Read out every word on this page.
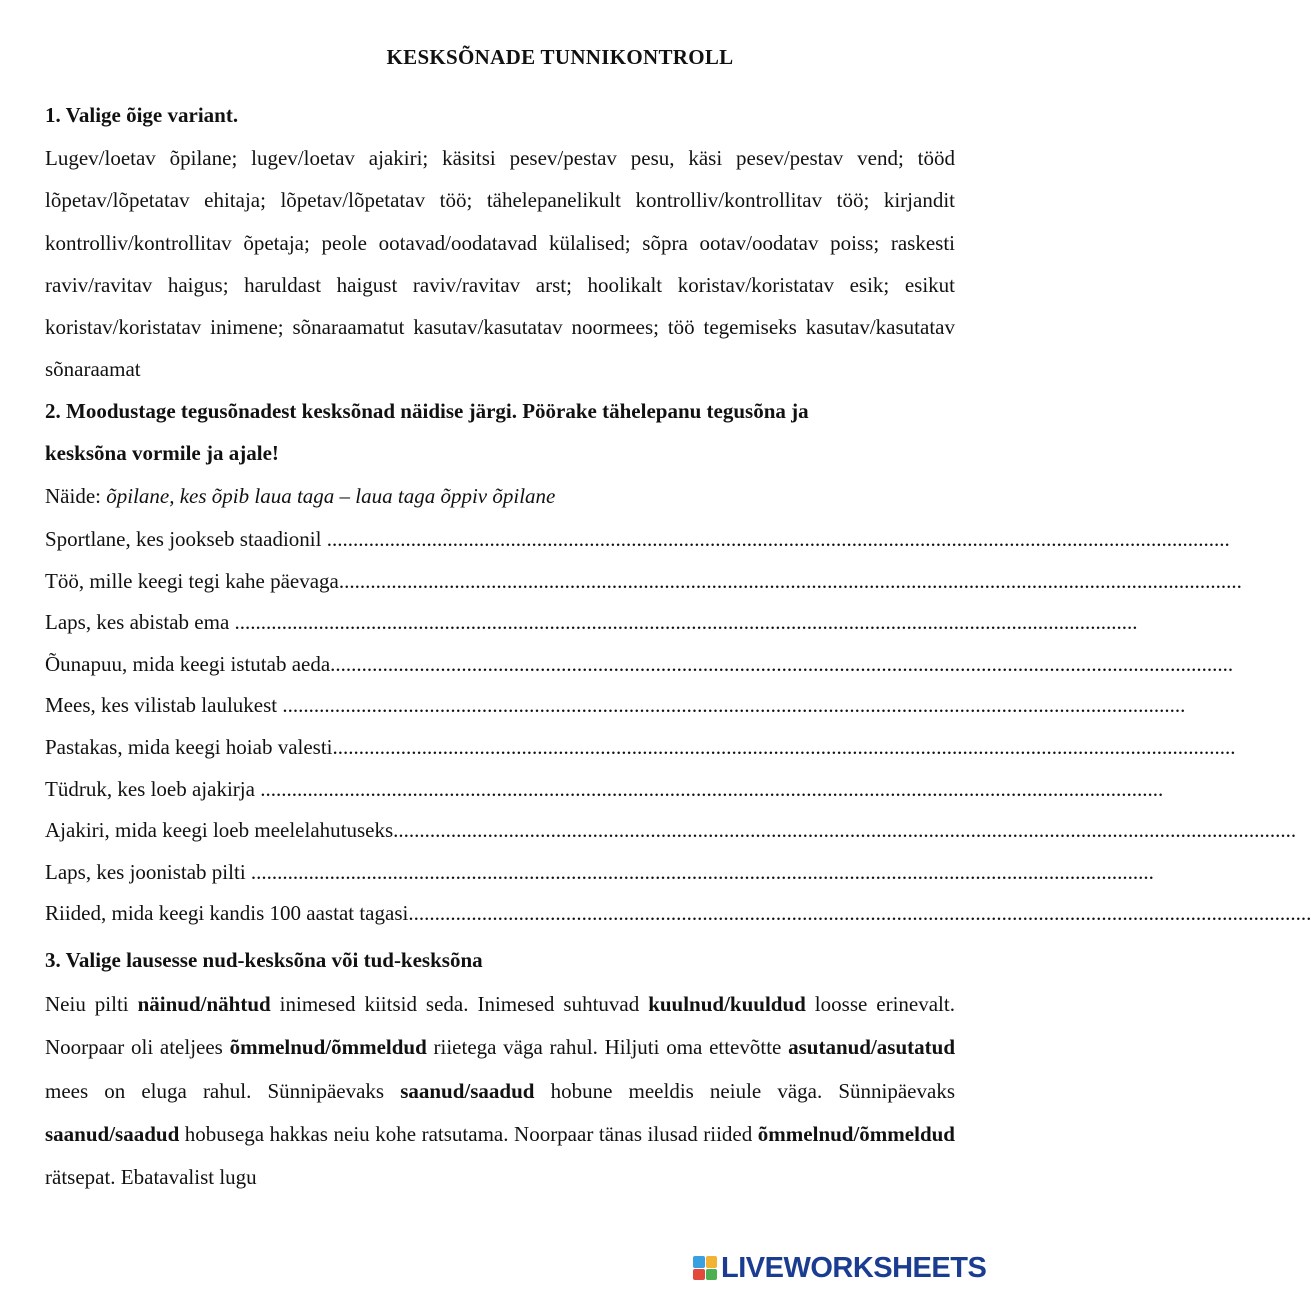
KESKSÕNADE TUNNIKONTROLL
1. Valige õige variant.
Lugev/loetav õpilane; lugev/loetav ajakiri; käsitsi pesev/pestav pesu, käsi pesev/pestav vend; tööd lõpetav/lõpetatav ehitaja; lõpetav/lõpetatav töö; tähelepanelikult kontrolliv/kontrollitav töö; kirjandit kontrolliv/kontrollitav õpetaja; peole ootavad/oodatavad külalised; sõpra ootav/oodatav poiss; raskesti raviv/ravitav haigus; haruldast haigust raviv/ravitav arst; hoolikalt koristav/koristatav esik; esikut koristav/koristatav inimene; sõnaraamatut kasutav/kasutatav noormees; töö tegemiseks kasutav/kasutatav sõnaraamat
2. Moodustage tegusõnadest kesksõnad näidise järgi. Pöörake tähelepanu tegusõna ja
kesksõna vormile ja ajale!
Näide: õpilane, kes õpib laua taga – laua taga õppiv õpilane
Sportlane, kes jookseb staadionil ............................................................................................................................................................................
Töö, mille keegi tegi kahe päevaga............................................................................................................................................................................
Laps, kes abistab ema ............................................................................................................................................................................
Õunapuu, mida keegi istutab aeda............................................................................................................................................................................
Mees, kes vilistab laulukest ............................................................................................................................................................................
Pastakas, mida keegi hoiab valesti............................................................................................................................................................................
Tüdruk, kes loeb ajakirja ............................................................................................................................................................................
Ajakiri, mida keegi loeb meelelahutuseks............................................................................................................................................................................
Laps, kes joonistab pilti ............................................................................................................................................................................
Riided, mida keegi kandis 100 aastat tagasi............................................................................................................................................................................
3. Valige lausesse nud-kesksõna või tud-kesksõna
Neiu pilti näinud/nähtud inimesed kiitsid seda. Inimesed suhtuvad kuulnud/kuuldud loosse erinevalt. Noorpaar oli ateljees õmmelnud/õmmeldud riietega väga rahul. Hiljuti oma ettevõtte asutanud/asutatud mees on eluga rahul. Sünnipäevaks saanud/saadud hobune meeldis neiule väga. Sünnipäevaks saanud/saadud hobusega hakkas neiu kohe ratsutama. Noorpaar tänas ilusad riided õmmelnud/õmmeldud rätsepat. Ebatavalist lugu
LIVEWORKSHEETS
